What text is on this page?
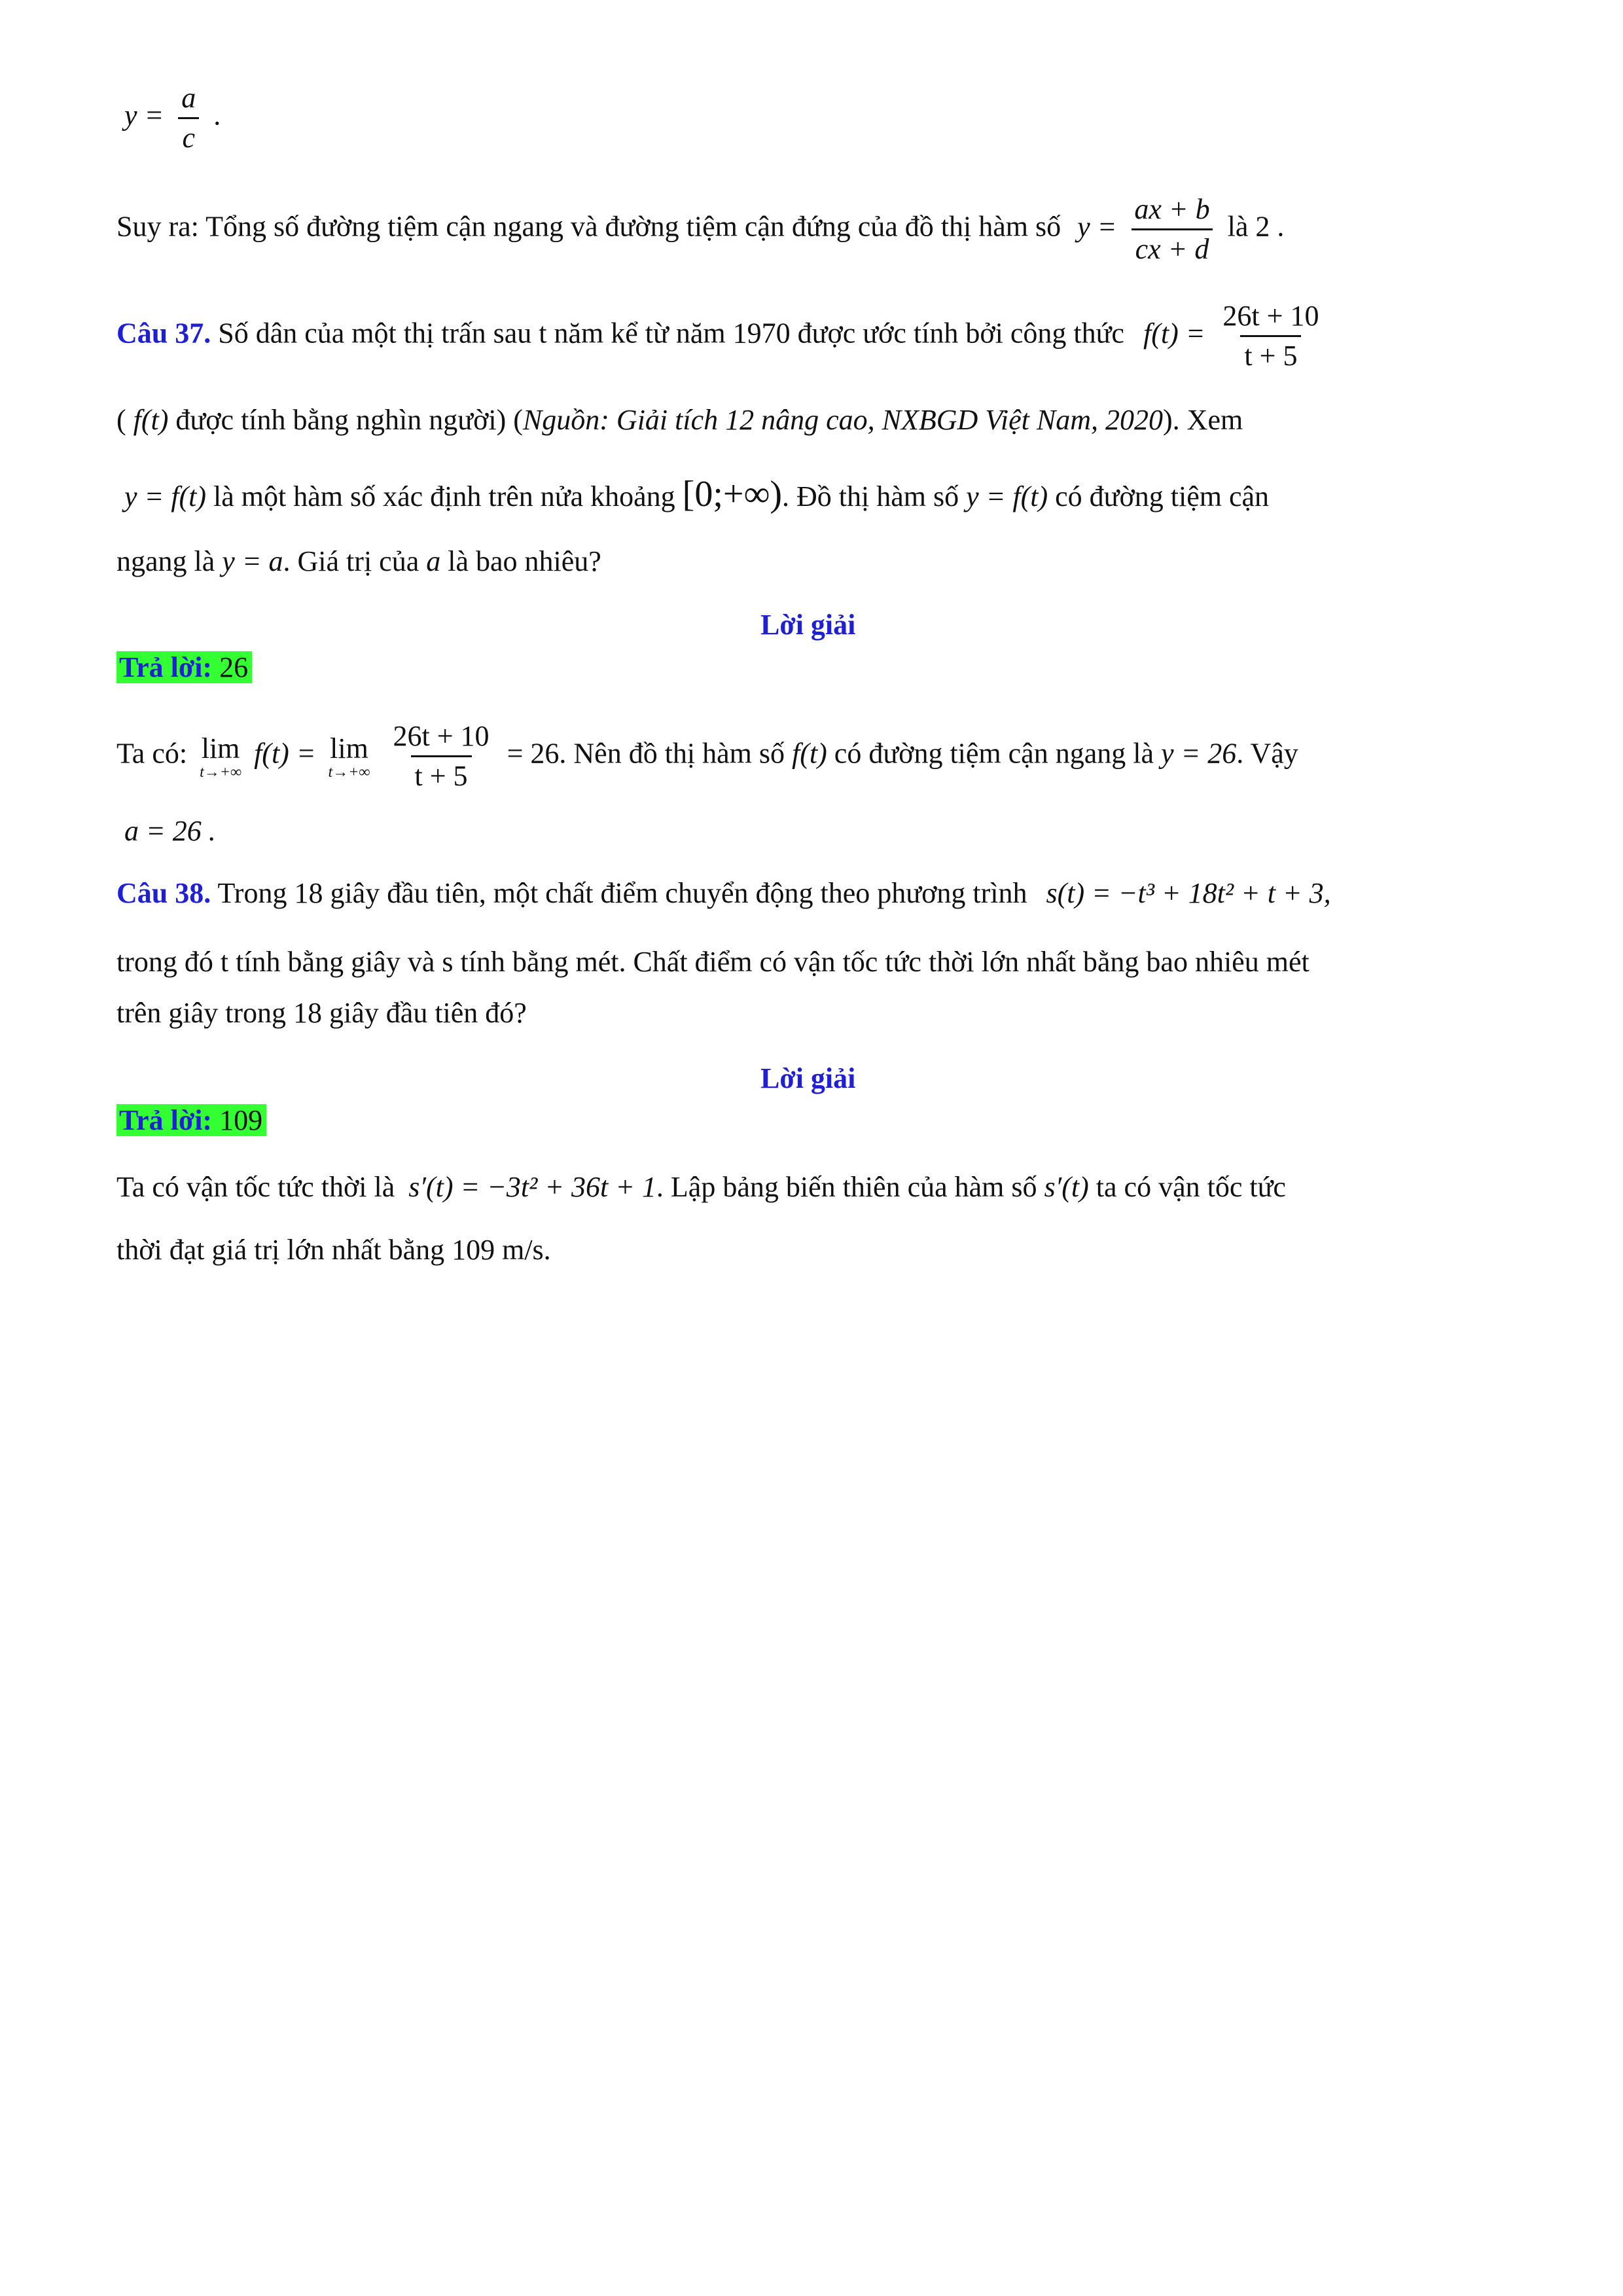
$y = \frac{a}{c}$ .
Suy ra: Tổng số đường tiệm cận ngang và đường tiệm cận đứng của đồ thị hàm số $y = \frac{ax + b}{cx + d}$ là 2 .
Câu 37. Số dân của một thị trấn sau t năm kể từ năm 1970 được ước tính bởi công thức $f(t) = \frac{26t + 10}{t + 5}$
( f(t) được tính bằng nghìn người) (Nguồn: Giải tích 12 nâng cao, NXBGD Việt Nam, 2020). Xem
y = f(t) là một hàm số xác định trên nửa khoảng [0;+∞). Đồ thị hàm số y = f(t) có đường tiệm cận
ngang là y = a. Giá trị của a là bao nhiêu?
Lời giải
Trả lời: 26
Ta có: lim
t→+∞
f(t) = lim
t→+∞
$\frac{26t + 10}{t + 5} = 26$. Nên đồ thị hàm số f(t) có đường tiệm cận ngang là y = 26. Vậy
a = 26 .
Câu 38. Trong 18 giây đầu tiên, một chất điểm chuyển động theo phương trình s(t) = −t³ + 18t² + t + 3,
trong đó t tính bằng giây và s tính bằng mét. Chất điểm có vận tốc tức thời lớn nhất bằng bao nhiêu mét
trên giây trong 18 giây đầu tiên đó?
Lời giải
Trả lời: 109
Ta có vận tốc tức thời là s′(t) = −3t² + 36t + 1. Lập bảng biến thiên của hàm số s′(t) ta có vận tốc tức
thời đạt giá trị lớn nhất bằng 109 m/s.
